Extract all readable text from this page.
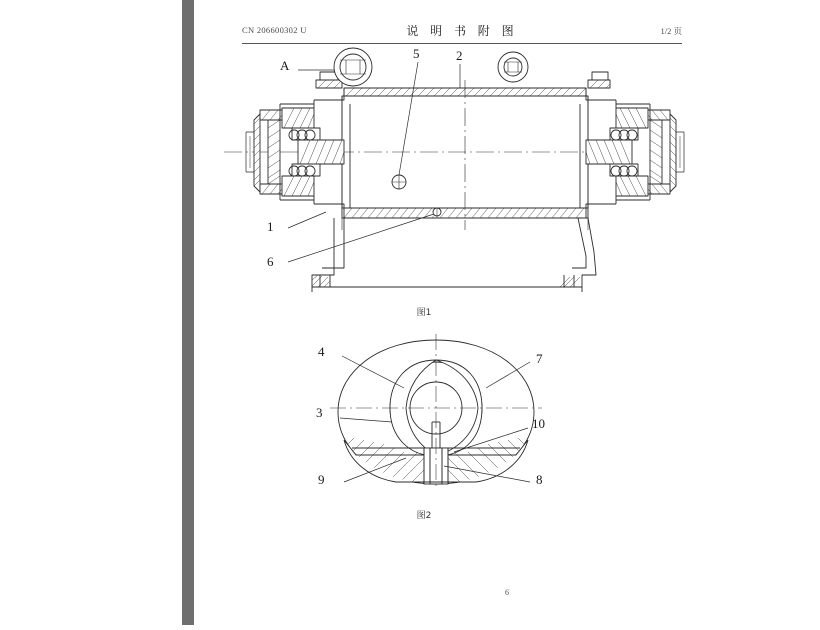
CN 206600302 U	说 明 书 附 图	1/2 页
A
5	2
1
6
图1
4	7
3
10
9	8
图2
6
